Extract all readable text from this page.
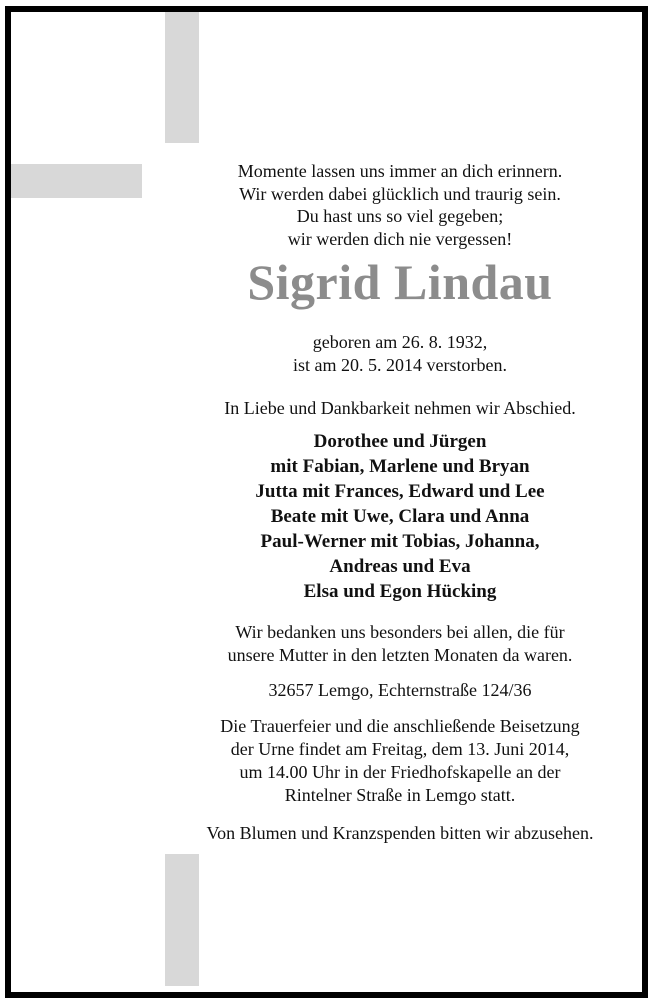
Momente lassen uns immer an dich erinnern.
Wir werden dabei glücklich und traurig sein.
Du hast uns so viel gegeben;
wir werden dich nie vergessen!
Sigrid Lindau
geboren am 26. 8. 1932,
ist am 20. 5. 2014 verstorben.
In Liebe und Dankbarkeit nehmen wir Abschied.
Dorothee und Jürgen
mit Fabian, Marlene und Bryan
Jutta mit Frances, Edward und Lee
Beate mit Uwe, Clara und Anna
Paul-Werner mit Tobias, Johanna,
Andreas und Eva
Elsa und Egon Hücking
Wir bedanken uns besonders bei allen, die für
unsere Mutter in den letzten Monaten da waren.
32657 Lemgo, Echternstraße 124/36
Die Trauerfeier und die anschließende Beisetzung
der Urne findet am Freitag, dem 13. Juni 2014,
um 14.00 Uhr in der Friedhofskapelle an der
Rintelner Straße in Lemgo statt.
Von Blumen und Kranzspenden bitten wir abzusehen.
